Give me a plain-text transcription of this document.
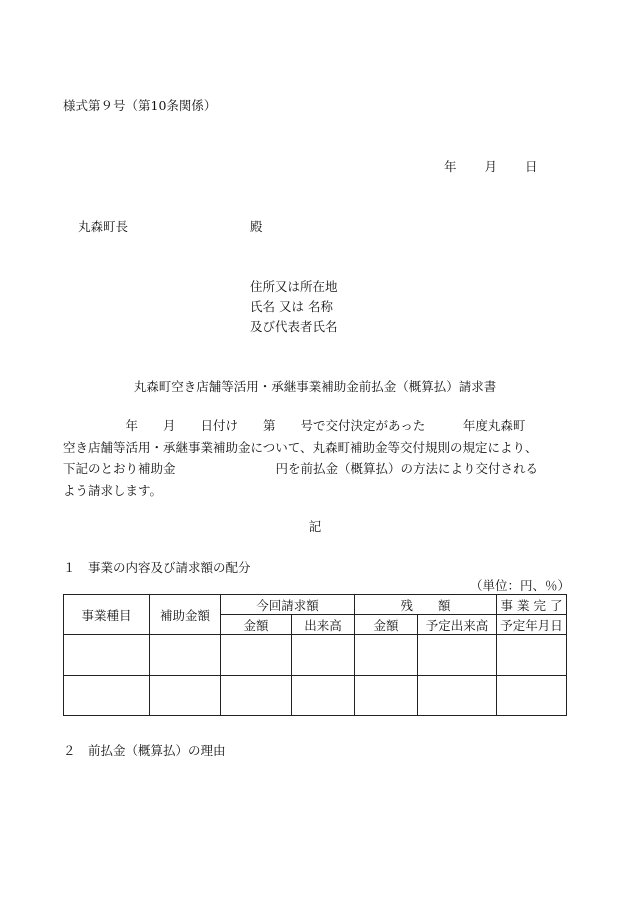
様式第９号（第10条関係）
年 月 日
丸森町長	殿
住所又は所在地
氏名 又は 名称
及び代表者氏名
丸森町空き店舗等活用・承継事業補助金前払金（概算払）請求書
　　　　　年　　月　　日付け　　第　　号で交付決定があった　　　年度丸森町
空き店舗等活用・承継事業補助金について、丸森町補助金等交付規則の規定により、
下記のとおり補助金　　　　　　　　円を前払金（概算払）の方法により交付される
よう請求します。
記
１　事業の内容及び請求額の配分
（単位：円、％）
事業種目	補助金額	今回請求額		残　　額		事 業 完 了
		金額	出来高	金額	予定出来高	予定年月日

２　前払金（概算払）の理由
